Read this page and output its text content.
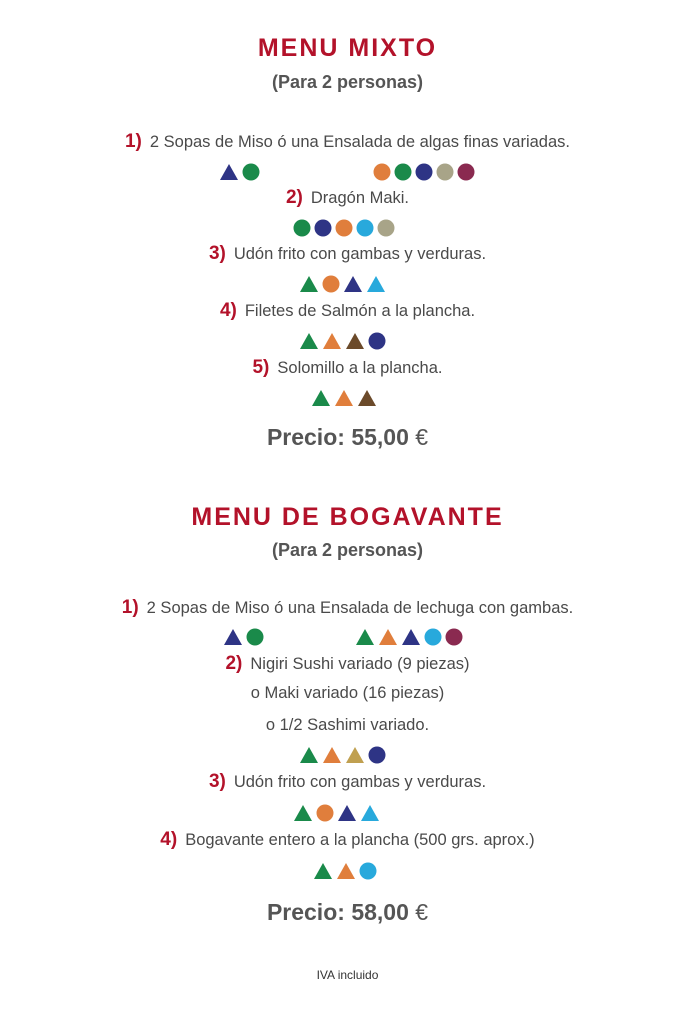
MENU MIXTO
(Para 2 personas)
1) 2 Sopas de Miso ó una Ensalada de algas finas variadas.
2) Dragón Maki.
3) Udón frito con gambas y verduras.
4) Filetes de Salmón a la plancha.
5) Solomillo a la plancha.
Precio: 55,00 €
MENU DE BOGAVANTE
(Para 2 personas)
1) 2 Sopas de Miso ó una Ensalada de lechuga con gambas.
2) Nigiri Sushi variado (9 piezas)
o Maki variado (16 piezas)
o 1/2 Sashimi variado.
3) Udón frito con gambas y verduras.
4) Bogavante entero a la plancha (500 grs. aprox.)
Precio: 58,00 €
IVA incluido
